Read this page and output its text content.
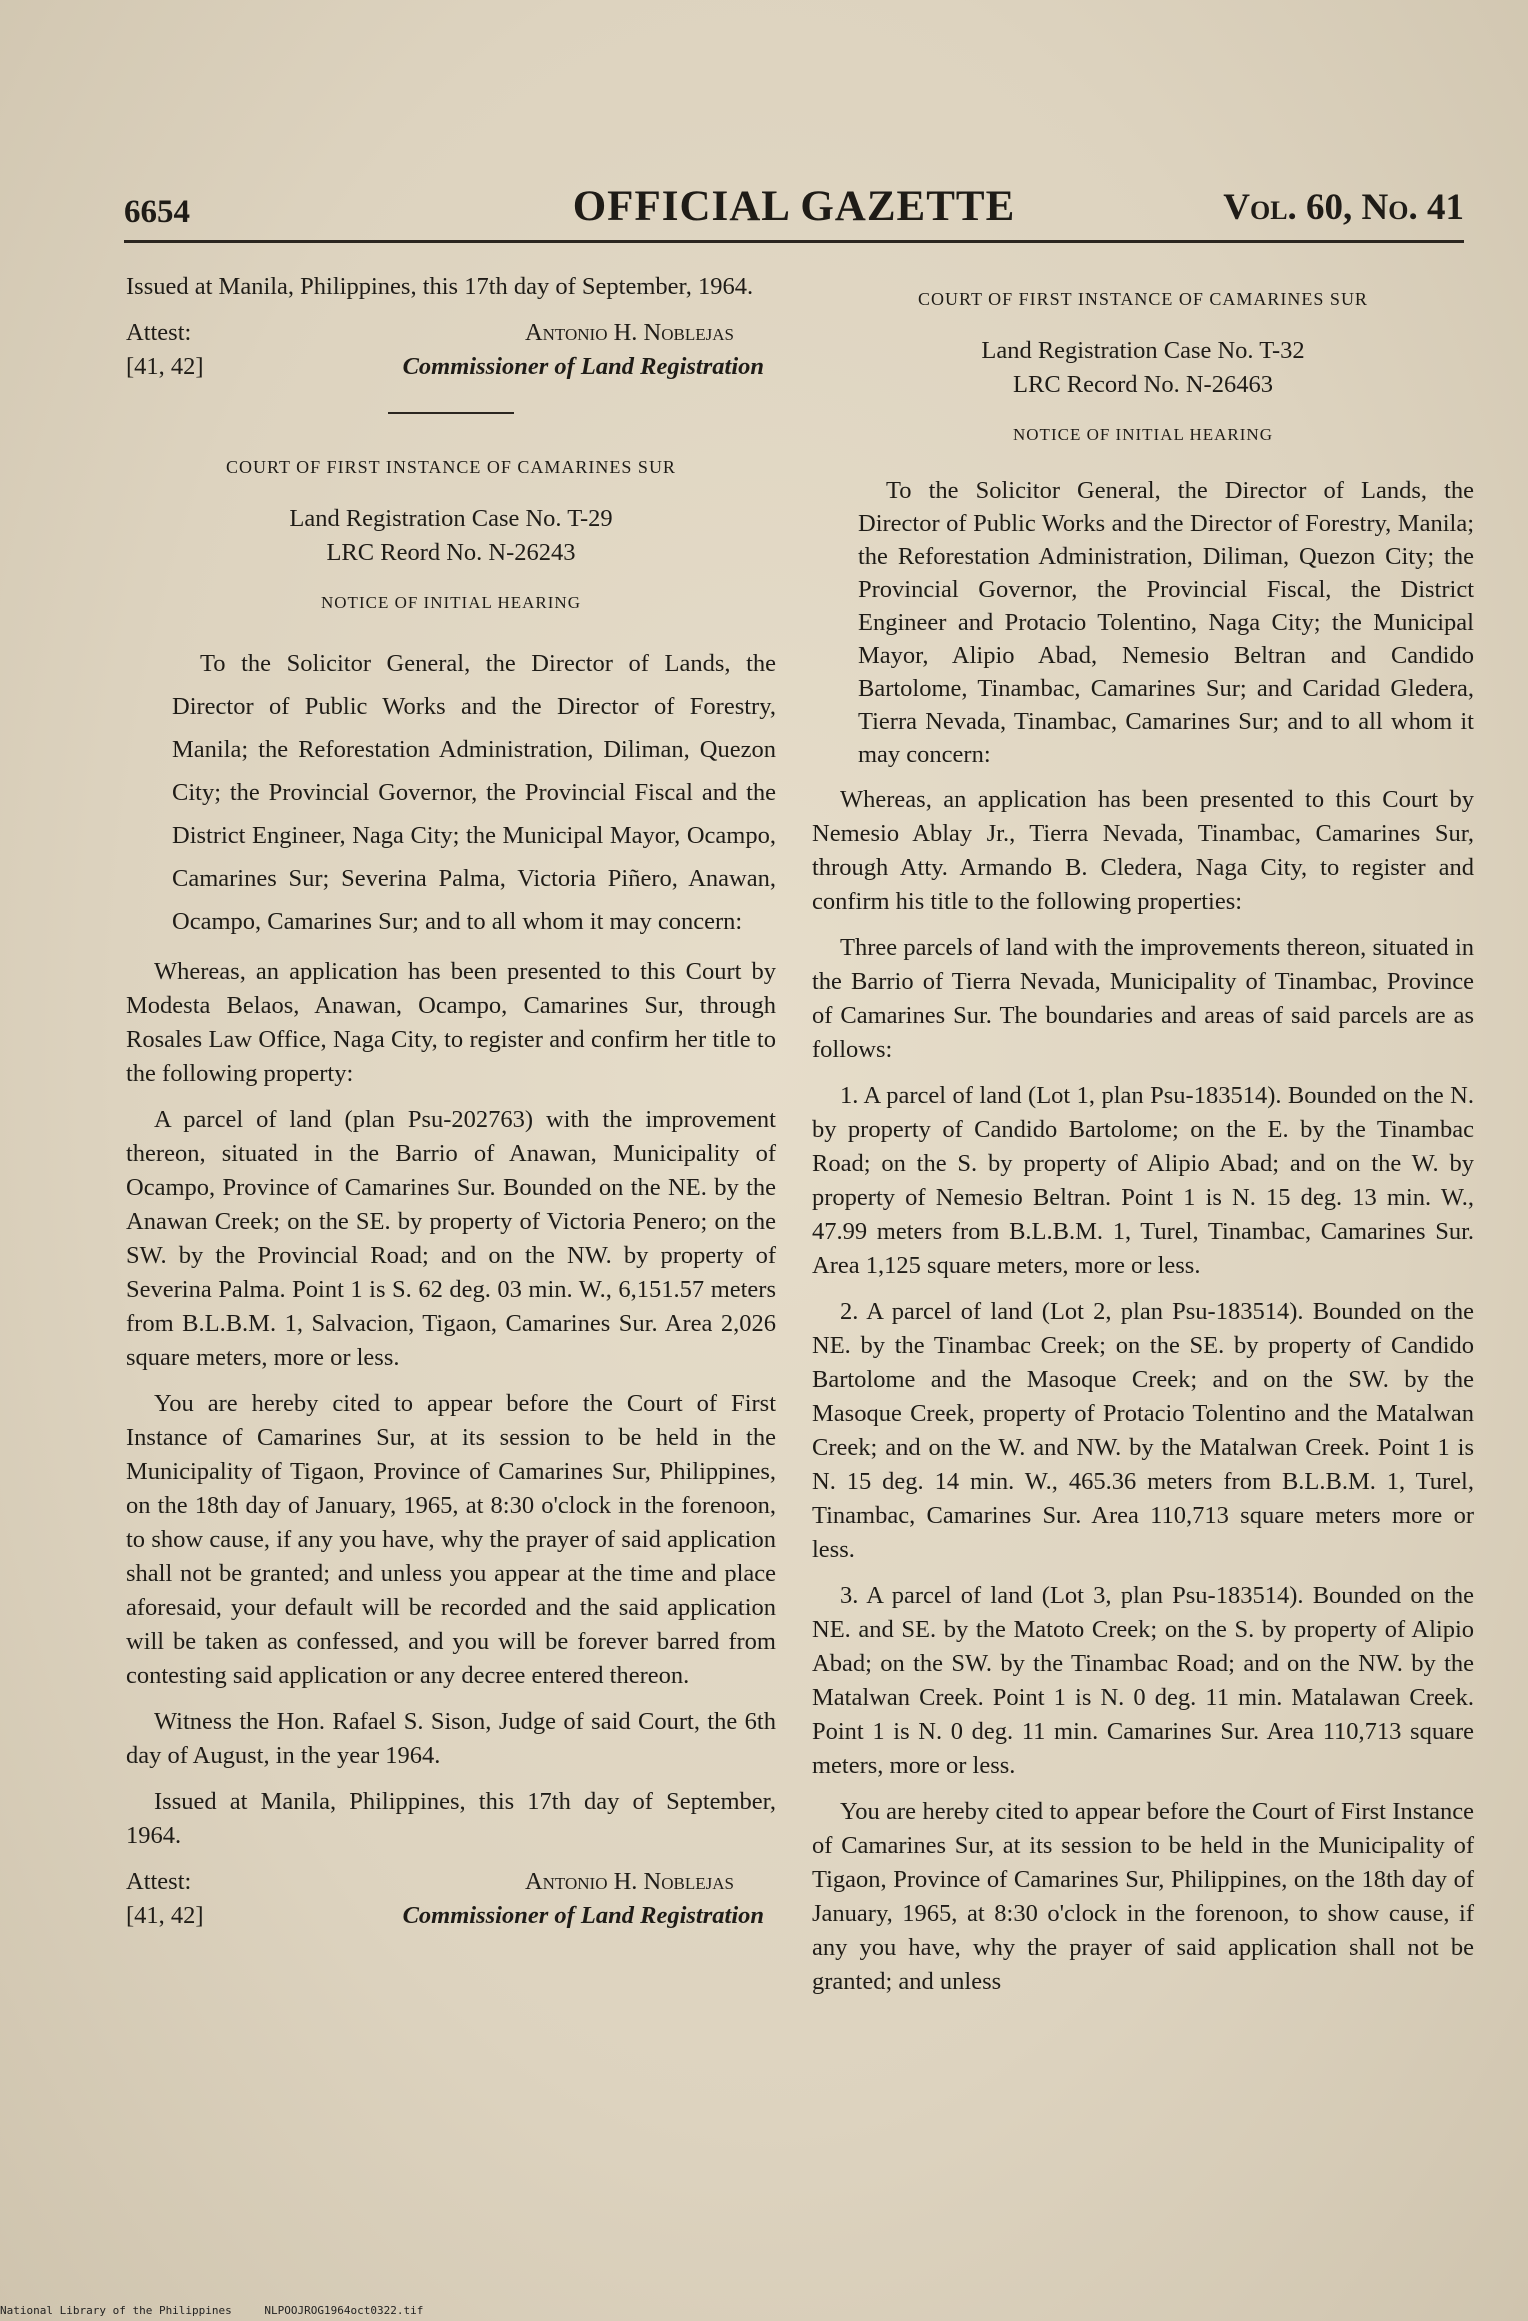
6654	OFFICIAL GAZETTE	Vol. 60, No. 41

Issued at Manila, Philippines, this 17th day of September, 1964.

Attest:	Antonio H. Noblejas
[41, 42]	Commissioner of Land Registration
COURT OF FIRST INSTANCE OF CAMARINES SUR
Land Registration Case No. T-29
LRC Reord No. N-26243
NOTICE OF INITIAL HEARING

To the Solicitor General, the Director of Lands, the Director of Public Works and the Director of Forestry, Manila; the Reforestation Administration, Diliman, Quezon City; the Provincial Governor, the Provincial Fiscal and the District Engineer, Naga City; the Municipal Mayor, Ocampo, Camarines Sur; Severina Palma, Victoria Piñero, Anawan, Ocampo, Camarines Sur; and to all whom it may concern:

Whereas, an application has been presented to this Court by Modesta Belaos, Anawan, Ocampo, Camarines Sur, through Rosales Law Office, Naga City, to register and confirm her title to the following property:

A parcel of land (plan Psu-202763) with the improvement thereon, situated in the Barrio of Anawan, Municipality of Ocampo, Province of Camarines Sur. Bounded on the NE. by the Anawan Creek; on the SE. by property of Victoria Penero; on the SW. by the Provincial Road; and on the NW. by property of Severina Palma. Point 1 is S. 62 deg. 03 min. W., 6,151.57 meters from B.L.B.M. 1, Salvacion, Tigaon, Camarines Sur. Area 2,026 square meters, more or less.

You are hereby cited to appear before the Court of First Instance of Camarines Sur, at its session to be held in the Municipality of Tigaon, Province of Camarines Sur, Philippines, on the 18th day of January, 1965, at 8:30 o'clock in the forenoon, to show cause, if any you have, why the prayer of said application shall not be granted; and unless you appear at the time and place aforesaid, your default will be recorded and the said application will be taken as confessed, and you will be forever barred from contesting said application or any decree entered thereon.

Witness the Hon. Rafael S. Sison, Judge of said Court, the 6th day of August, in the year 1964.

Issued at Manila, Philippines, this 17th day of September, 1964.

Attest:	Antonio H. Noblejas
[41, 42]	Commissioner of Land Registration
COURT OF FIRST INSTANCE OF CAMARINES SUR
Land Registration Case No. T-32
LRC Record No. N-26463
NOTICE OF INITIAL HEARING

To the Solicitor General, the Director of Lands, the Director of Public Works and the Director of Forestry, Manila; the Reforestation Administration, Diliman, Quezon City; the Provincial Governor, the Provincial Fiscal, the District Engineer and Protacio Tolentino, Naga City; the Municipal Mayor, Alipio Abad, Nemesio Beltran and Candido Bartolome, Tinambac, Camarines Sur; and Caridad Gledera, Tierra Nevada, Tinambac, Camarines Sur; and to all whom it may concern:

Whereas, an application has been presented to this Court by Nemesio Ablay Jr., Tierra Nevada, Tinambac, Camarines Sur, through Atty. Armando B. Cledera, Naga City, to register and confirm his title to the following properties:

Three parcels of land with the improvements thereon, situated in the Barrio of Tierra Nevada, Municipality of Tinambac, Province of Camarines Sur. The boundaries and areas of said parcels are as follows:

1. A parcel of land (Lot 1, plan Psu-183514). Bounded on the N. by property of Candido Bartolome; on the E. by the Tinambac Road; on the S. by property of Alipio Abad; and on the W. by property of Nemesio Beltran. Point 1 is N. 15 deg. 13 min. W., 47.99 meters from B.L.B.M. 1, Turel, Tinambac, Camarines Sur. Area 1,125 square meters, more or less.

2. A parcel of land (Lot 2, plan Psu-183514). Bounded on the NE. by the Tinambac Creek; on the SE. by property of Candido Bartolome and the Masoque Creek; and on the SW. by the Masoque Creek, property of Protacio Tolentino and the Matalwan Creek; and on the W. and NW. by the Matalwan Creek. Point 1 is N. 15 deg. 14 min. W., 465.36 meters from B.L.B.M. 1, Turel, Tinambac, Camarines Sur. Area 110,713 square meters more or less.

3. A parcel of land (Lot 3, plan Psu-183514). Bounded on the NE. and SE. by the Matoto Creek; on the S. by property of Alipio Abad; on the SW. by the Tinambac Road; and on the NW. by the Matalwan Creek. Point 1 is N. 0 deg. 11 min. Matalawan Creek. Point 1 is N. 0 deg. 11 min. Camarines Sur. Area 110,713 square meters, more or less.

You are hereby cited to appear before the Court of First Instance of Camarines Sur, at its session to be held in the Municipality of Tigaon, Province of Camarines Sur, Philippines, on the 18th day of January, 1965, at 8:30 o'clock in the forenoon, to show cause, if any you have, why the prayer of said application shall not be granted; and unless

National Library of the Philippines	NLPOOJROG1964oct0322.tif
